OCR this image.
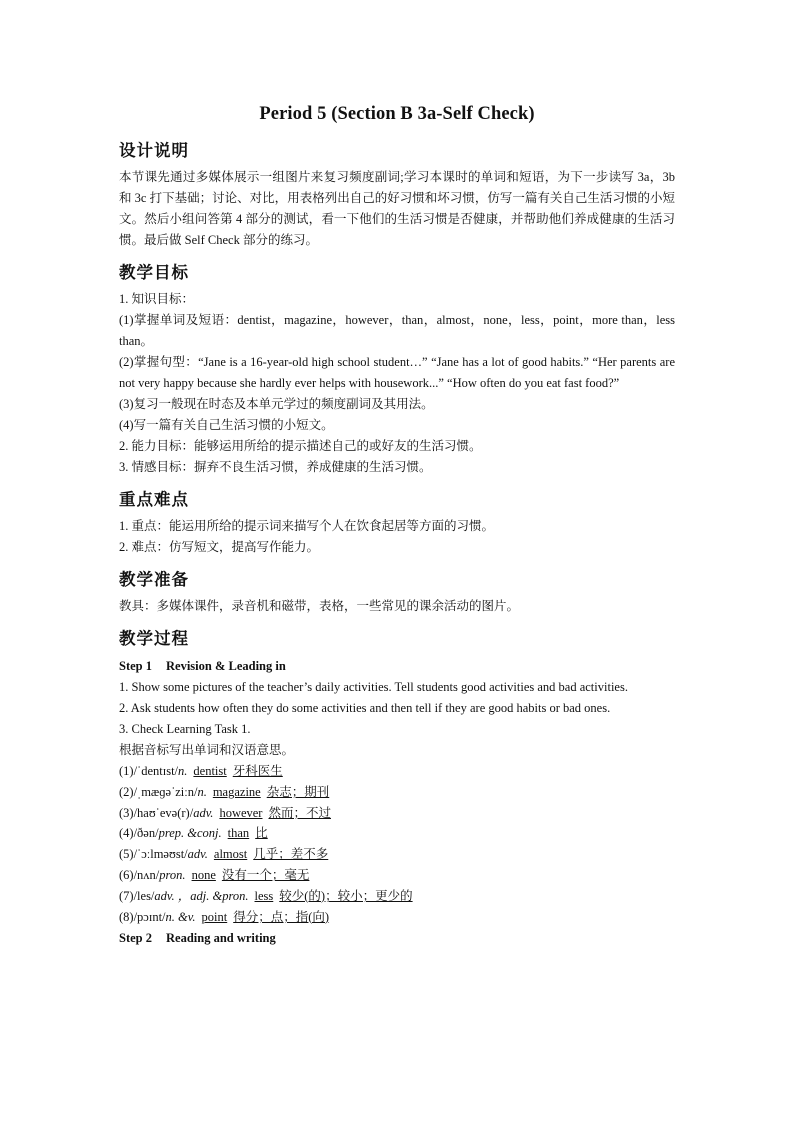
Period 5 (Section B 3a-Self Check)
设计说明

本节课先通过多媒体展示一组图片来复习频度副词;学习本课时的单词和短语，为下一步读写 3a，3b 和 3c 打下基础；讨论、对比，用表格列出自己的好习惯和坏习惯，仿写一篇有关自己生活习惯的小短文。然后小组问答第 4 部分的测试，看一下他们的生活习惯是否健康，并帮助他们养成健康的生活习惯。最后做 Self Check 部分的练习。

教学目标

1. 知识目标：

(1)掌握单词及短语：dentist，magazine，however，than，almost，none，less，point，more than，less than。

(2)掌握句型：“Jane is a 16-year-old high school student…” “Jane has a lot of good habits.” “Her parents are not very happy because she hardly ever helps with housework...” “How often do you eat fast food?”

(3)复习一般现在时态及本单元学过的频度副词及其用法。

(4)写一篇有关自己生活习惯的小短文。

2. 能力目标：能够运用所给的提示描述自己的或好友的生活习惯。

3. 情感目标：摒弃不良生活习惯，养成健康的生活习惯。

重点难点

1. 重点：能运用所给的提示词来描写个人在饮食起居等方面的习惯。

2. 难点：仿写短文，提高写作能力。

教学准备

教具：多媒体课件，录音机和磁带，表格，一些常见的课余活动的图片。

教学过程

Step 1 Revision & Leading in

1. Show some pictures of the teacher’s daily activities. Tell students good activities and bad activities.

2. Ask students how often they do some activities and then tell if they are good habits or bad ones.

3. Check Learning Task 1.

根据音标写出单词和汉语意思。

(1)/ˈdentɪst/n. dentist 牙科医生

(2)/ˌmæɡəˈziːn/n. magazine 杂志；期刊

(3)/haʊˈevə(r)/adv. however 然而；不过

(4)/ðən/prep. &conj. than 比

(5)/ˈɔːlməʊst/adv. almost 几乎；差不多

(6)/nʌn/pron. none 没有一个；毫无

(7)/les/adv. ，adj. &pron. less 较少(的)；较小；更少的

(8)/pɔɪnt/n. &v. point 得分；点；指(向)

Step 2 Reading and writing
